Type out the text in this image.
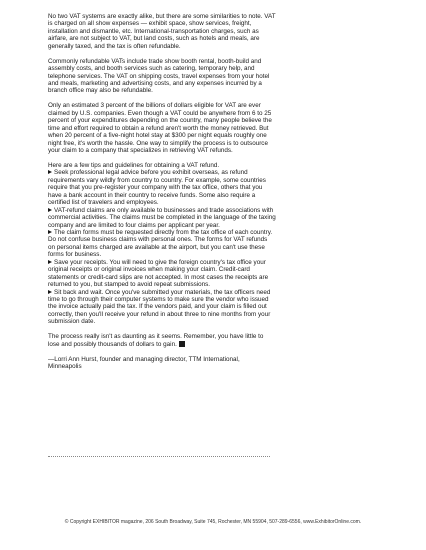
No two VAT systems are exactly alike, but there are some similarities to note. VAT is charged on all show expenses — exhibit space, show services, freight, installation and dismantle, etc. International-transportation charges, such as airfare, are not subject to VAT, but land costs, such as hotels and meals, are generally taxed, and the tax is often refundable.

Commonly refundable VATs include trade show booth rental, booth-build and assembly costs, and booth services such as catering, temporary help, and telephone services. The VAT on shipping costs, travel expenses from your hotel and meals, marketing and advertising costs, and any expenses incurred by a branch office may also be refundable.

Only an estimated 3 percent of the billions of dollars eligible for VAT are ever claimed by U.S. companies. Even though a VAT could be anywhere from 6 to 25 percent of your expenditures depending on the country, many people believe the time and effort required to obtain a refund aren't worth the money retrieved. But when 20 percent of a five-night hotel stay at $300 per night equals roughly one night free, it's worth the hassle. One way to simplify the process is to outsource your claim to a company that specializes in retrieving VAT refunds.

Here are a few tips and guidelines for obtaining a VAT refund.

Seek professional legal advice before you exhibit overseas, as refund requirements vary wildly from country to country. For example, some countries require that you pre-register your company with the tax office, others that you have a bank account in their country to receive funds. Some also require a certified list of travelers and employees.

VAT-refund claims are only available to businesses and trade associations with commercial activities. The claims must be completed in the language of the taxing company and are limited to four claims per applicant per year.

The claim forms must be requested directly from the tax office of each country. Do not confuse business claims with personal ones. The forms for VAT refunds on personal items charged are available at the airport, but you can't use these forms for business.

Save your receipts. You will need to give the foreign country's tax office your original receipts or original invoices when making your claim. Credit-card statements or credit-card slips are not accepted. In most cases the receipts are returned to you, but stamped to avoid repeat submissions.

Sit back and wait. Once you've submitted your materials, the tax officers need time to go through their computer systems to make sure the vendor who issued the invoice actually paid the tax. If the vendors paid, and your claim is filled out correctly, then you'll receive your refund in about three to nine months from your submission date.

The process really isn't as daunting as it seems. Remember, you have little to lose and possibly thousands of dollars to gain.

—Lorri Ann Hurst, founder and managing director, TTM International,

Minneapolis

© Copyright EXHIBITOR magazine, 206 South Broadway, Suite 745, Rochester, MN 55904, 507-289-6556, www.ExhibitorOnline.com.
